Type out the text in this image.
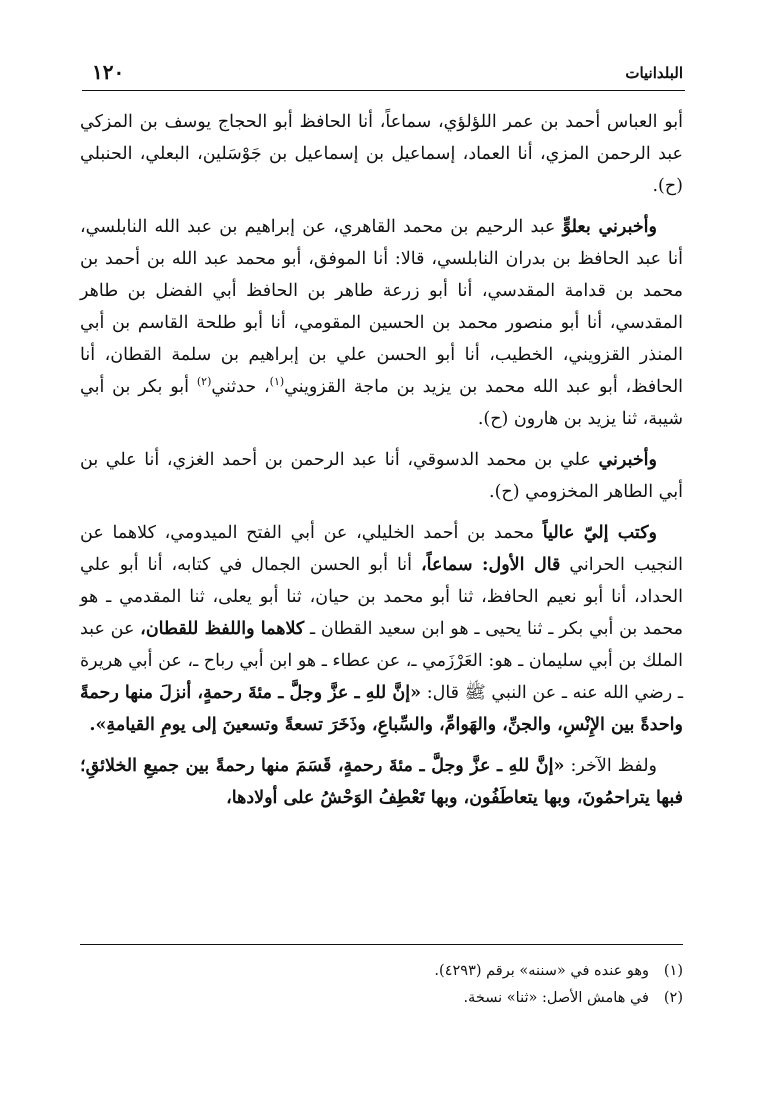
١٢٠	البلدانيات

أبو العباس أحمد بن عمر اللؤلؤي، سماعاً، أنا الحافظ أبو الحجاج يوسف بن المزكي عبد الرحمن المزي، أنا العماد، إسماعيل بن إسماعيل بن جَوْسَلين، البعلي، الحنبلي (ح).

وأخبرني بعلوٍّ عبد الرحيم بن محمد القاهري، عن إبراهيم بن عبد الله النابلسي، أنا عبد الحافظ بن بدران النابلسي، قالا: أنا الموفق، أبو محمد عبد الله بن أحمد بن محمد بن قدامة المقدسي، أنا أبو زرعة طاهر بن الحافظ أبي الفضل بن طاهر المقدسي، أنا أبو منصور محمد بن الحسين المقومي، أنا أبو طلحة القاسم بن أبي المنذر القزويني، الخطيب، أنا أبو الحسن علي بن إبراهيم بن سلمة القطان، أنا الحافظ، أبو عبد الله محمد بن يزيد بن ماجة القزويني$^{(١)}$، حدثني$^{(٢)}$ أبو بكر بن أبي شيبة، ثنا يزيد بن هارون (ح).

وأخبرني علي بن محمد الدسوقي، أنا عبد الرحمن بن أحمد الغزي، أنا علي بن أبي الطاهر المخزومي (ح).

وكتب إليّ عالياً محمد بن أحمد الخليلي، عن أبي الفتح الميدومي، كلاهما عن النجيب الحراني قال الأول: سماعاً، أنا أبو الحسن الجمال في كتابه، أنا أبو علي الحداد، أنا أبو نعيم الحافظ، ثنا أبو محمد بن حيان، ثنا أبو يعلى، ثنا المقدمي ـ هو محمد بن أبي بكر ـ ثنا يحيى ـ هو ابن سعيد القطان ـ كلاهما واللفظ للقطان، عن عبد الملك بن أبي سليمان ـ هو: العَرْزَمي ـ، عن عطاء ـ هو ابن أبي رباح ـ، عن أبي هريرة ـ رضي الله عنه ـ عن النبي ﷺ قال: «إنَّ للهِ ـ عزَّ وجلَّ ـ مئةَ رحمةٍ، أنزلَ منها رحمةً واحدةً بين الإِنْسِ، والجنِّ، والهَوامِّ، والسِّباعِ، وذَخَرَ تسعةً وتسعينَ إلى يومِ القيامةِ».

ولفظ الآخر: «إنَّ للهِ ـ عزَّ وجلَّ ـ مئةَ رحمةٍ، قَسَمَ منها رحمةً بين جميعِ الخلائقِ؛ فبها يتراحمُونَ، وبها يتعاطَفُون، وبها تَعْطِفُ الوَحْشُ على أولادها،

(١)وهو عنده في «سننه» برقم (٤٢٩٣).
(٢)في هامش الأصل: «ثنا» نسخة.
